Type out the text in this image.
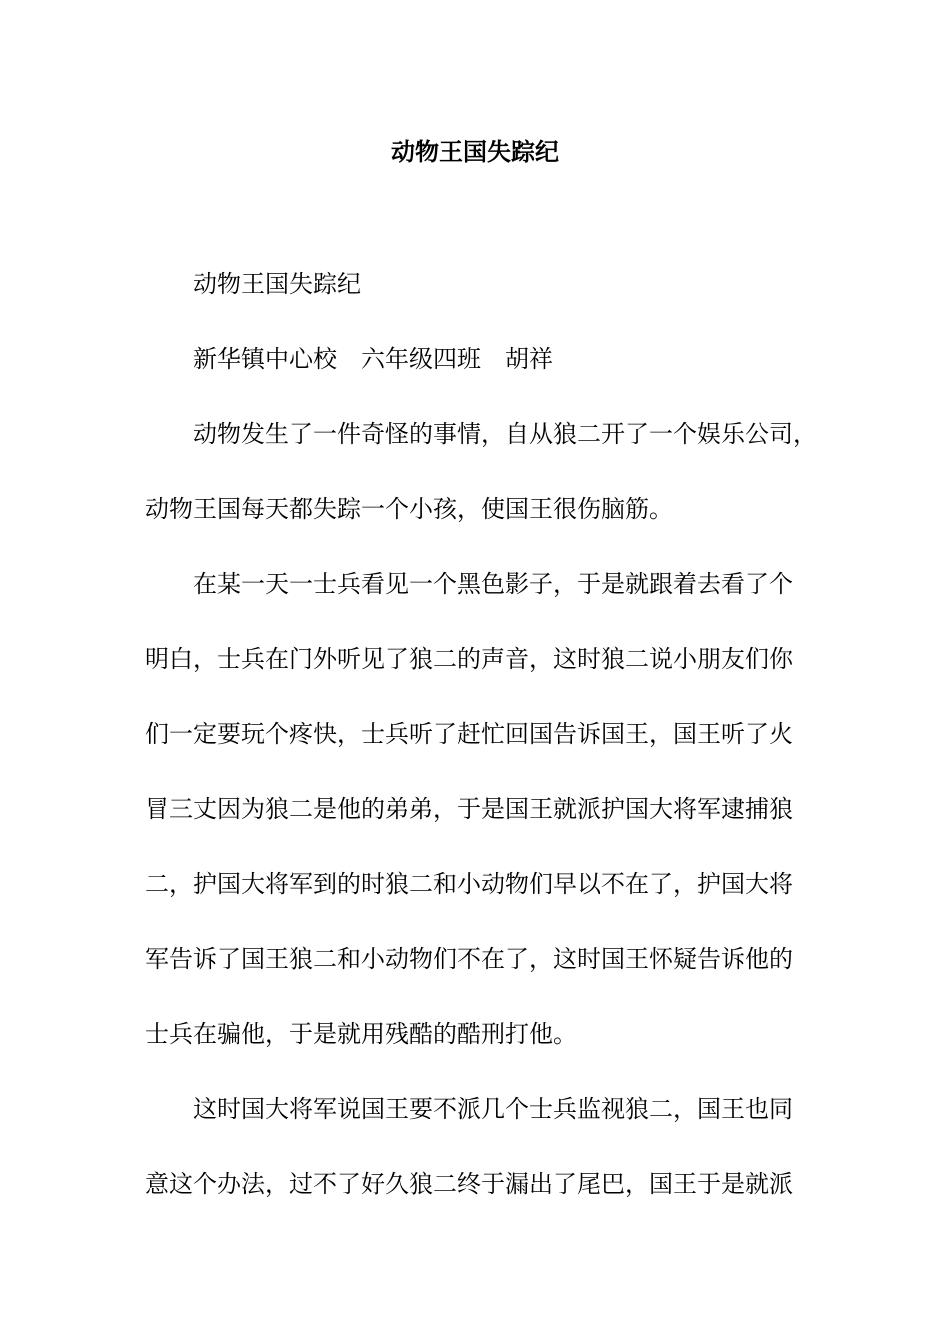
动物王国失踪纪
动物王国失踪纪
新华镇中心校　六年级四班　胡祥
动物发生了一件奇怪的事情，自从狼二开了一个娱乐公司，
动物王国每天都失踪一个小孩，使国王很伤脑筋。
在某一天一士兵看见一个黑色影子，于是就跟着去看了个
明白，士兵在门外听见了狼二的声音，这时狼二说小朋友们你
们一定要玩个疼快，士兵听了赶忙回国告诉国王，国王听了火
冒三丈因为狼二是他的弟弟，于是国王就派护国大将军逮捕狼
二，护国大将军到的时狼二和小动物们早以不在了，护国大将
军告诉了国王狼二和小动物们不在了，这时国王怀疑告诉他的
士兵在骗他，于是就用残酷的酷刑打他。
这时国大将军说国王要不派几个士兵监视狼二，国王也同
意这个办法，过不了好久狼二终于漏出了尾巴，国王于是就派
